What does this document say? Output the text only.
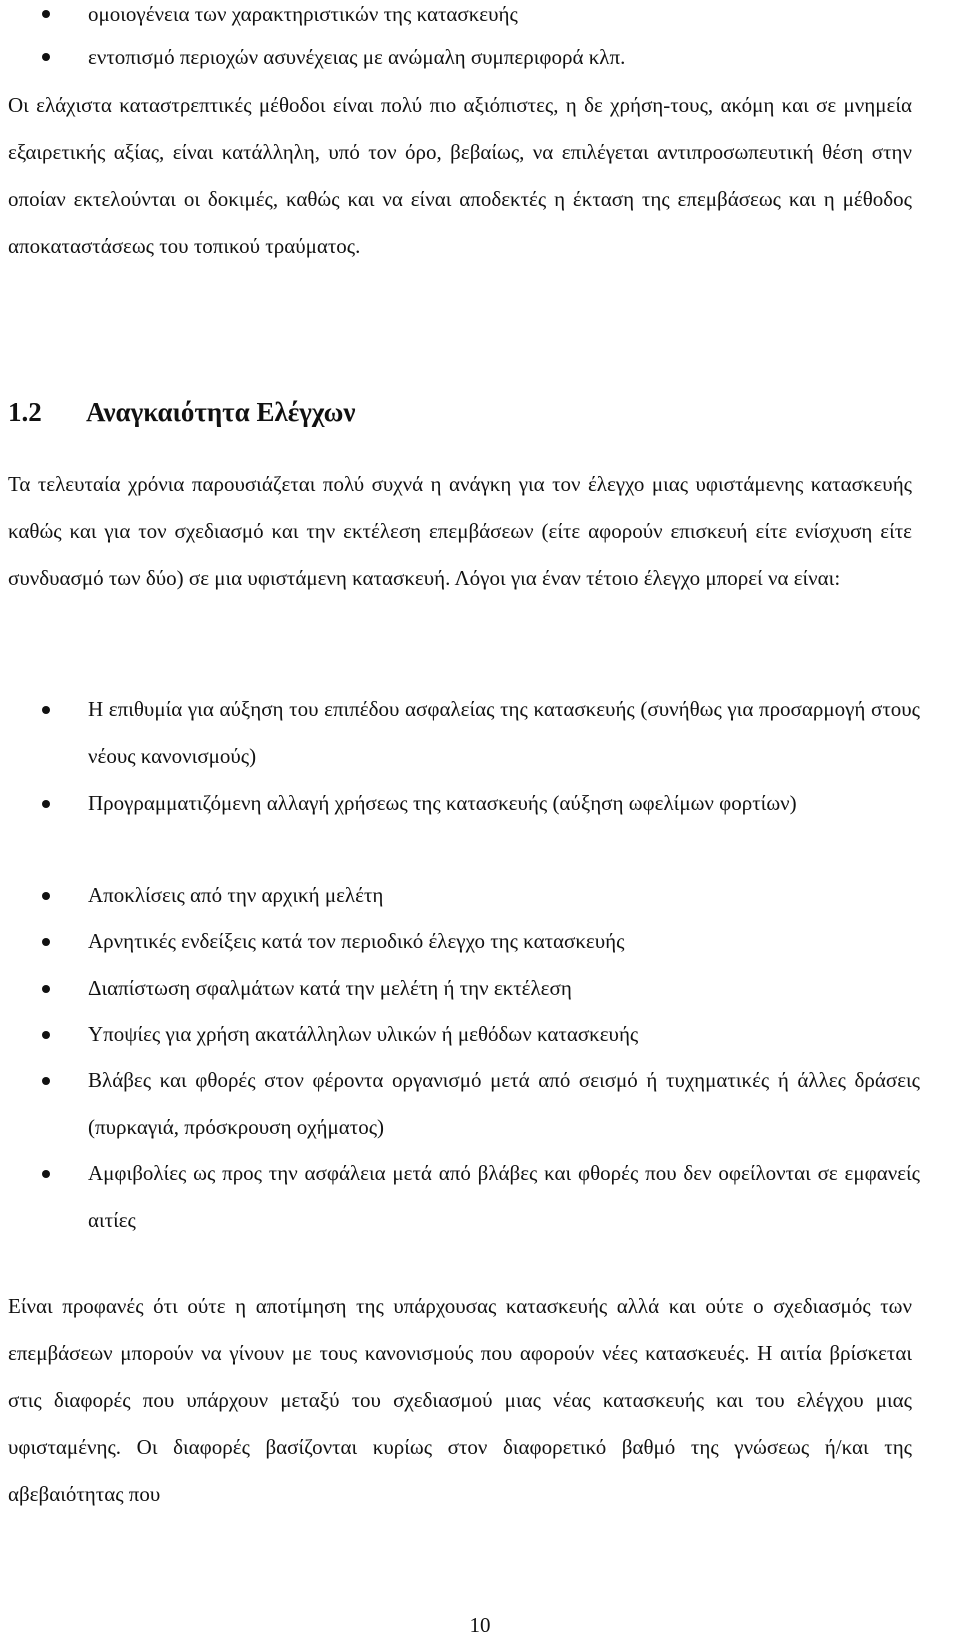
ομοιογένεια των χαρακτηριστικών της κατασκευής
εντοπισμό περιοχών ασυνέχειας με ανώμαλη συμπεριφορά κλπ.
Οι ελάχιστα καταστρεπτικές μέθοδοι είναι πολύ πιο αξιόπιστες, η δε χρήση-τους, ακόμη και σε μνημεία εξαιρετικής αξίας, είναι κατάλληλη, υπό τον όρο, βεβαίως, να επιλέγεται αντιπροσωπευτική θέση στην οποίαν εκτελούνται οι δοκιμές, καθώς και να είναι αποδεκτές η έκταση της επεμβάσεως και η μέθοδος αποκαταστάσεως του τοπικού τραύματος.
1.2 Αναγκαιότητα Ελέγχων
Τα τελευταία χρόνια παρουσιάζεται πολύ συχνά η ανάγκη για τον έλεγχο μιας υφιστάμενης κατασκευής καθώς και για τον σχεδιασμό και την εκτέλεση επεμβάσεων (είτε αφορούν επισκευή είτε ενίσχυση είτε συνδυασμό των δύο) σε μια υφιστάμενη κατασκευή. Λόγοι για έναν τέτοιο έλεγχο μπορεί να είναι:
Η επιθυμία για αύξηση του επιπέδου ασφαλείας της κατασκευής (συνήθως για προσαρμογή στους νέους κανονισμούς)
Προγραμματιζόμενη αλλαγή χρήσεως της κατασκευής (αύξηση ωφελίμων φορτίων)
Αποκλίσεις από την αρχική μελέτη
Αρνητικές ενδείξεις κατά τον περιοδικό έλεγχο της κατασκευής
Διαπίστωση σφαλμάτων κατά την μελέτη ή την εκτέλεση
Υποψίες για χρήση ακατάλληλων υλικών ή μεθόδων κατασκευής
Βλάβες και φθορές στον φέροντα οργανισμό μετά από σεισμό ή τυχηματικές ή άλλες δράσεις (πυρκαγιά, πρόσκρουση οχήματος)
Αμφιβολίες ως προς την ασφάλεια μετά από βλάβες και φθορές που δεν οφείλονται σε εμφανείς αιτίες
Είναι προφανές ότι ούτε η αποτίμηση της υπάρχουσας κατασκευής αλλά και ούτε ο σχεδιασμός των επεμβάσεων μπορούν να γίνουν με τους κανονισμούς που αφορούν νέες κατασκευές. Η αιτία βρίσκεται στις διαφορές που υπάρχουν μεταξύ του σχεδιασμού μιας νέας κατασκευής και του ελέγχου μιας υφισταμένης. Οι διαφορές βασίζονται κυρίως στον διαφορετικό βαθμό της γνώσεως ή/και της αβεβαιότητας που
10
